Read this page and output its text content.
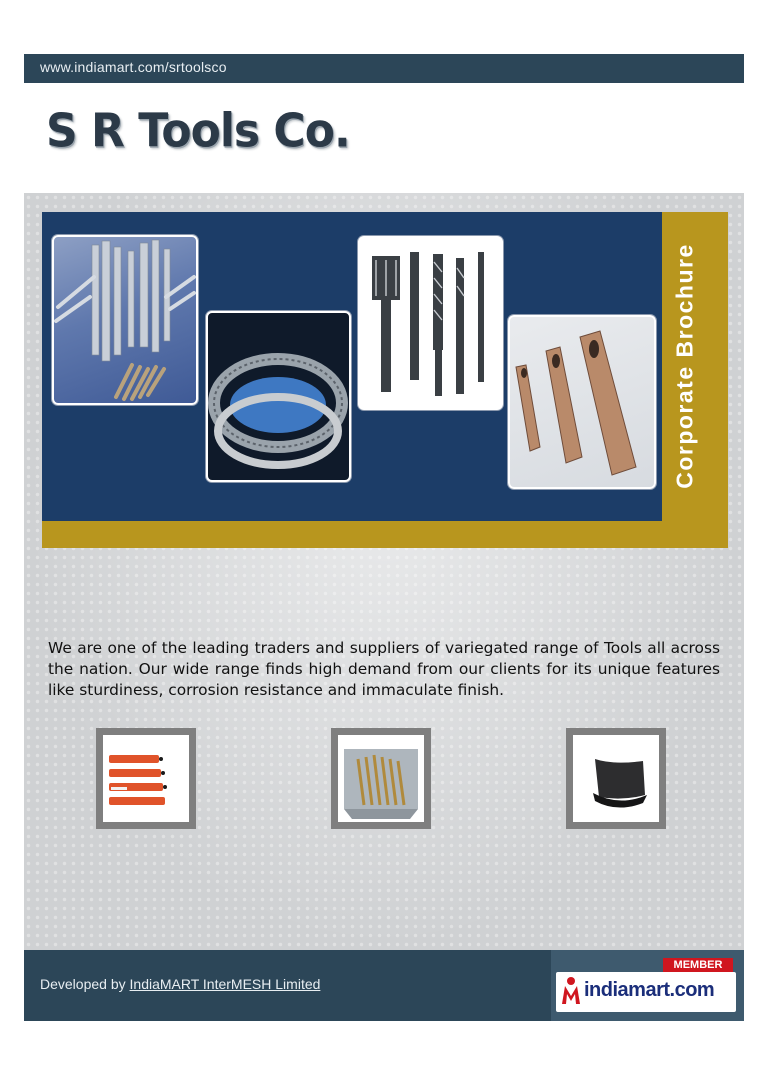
www.indiamart.com/srtoolsco
S R Tools Co.
Corporate Brochure

We are one of the leading traders and suppliers of variegated range of Tools all across the nation. Our wide range finds high demand from our clients for its unique features like sturdiness, corrosion resistance and immaculate finish.

Developed by IndiaMART InterMESH Limited
MEMBER
indiamart.com
